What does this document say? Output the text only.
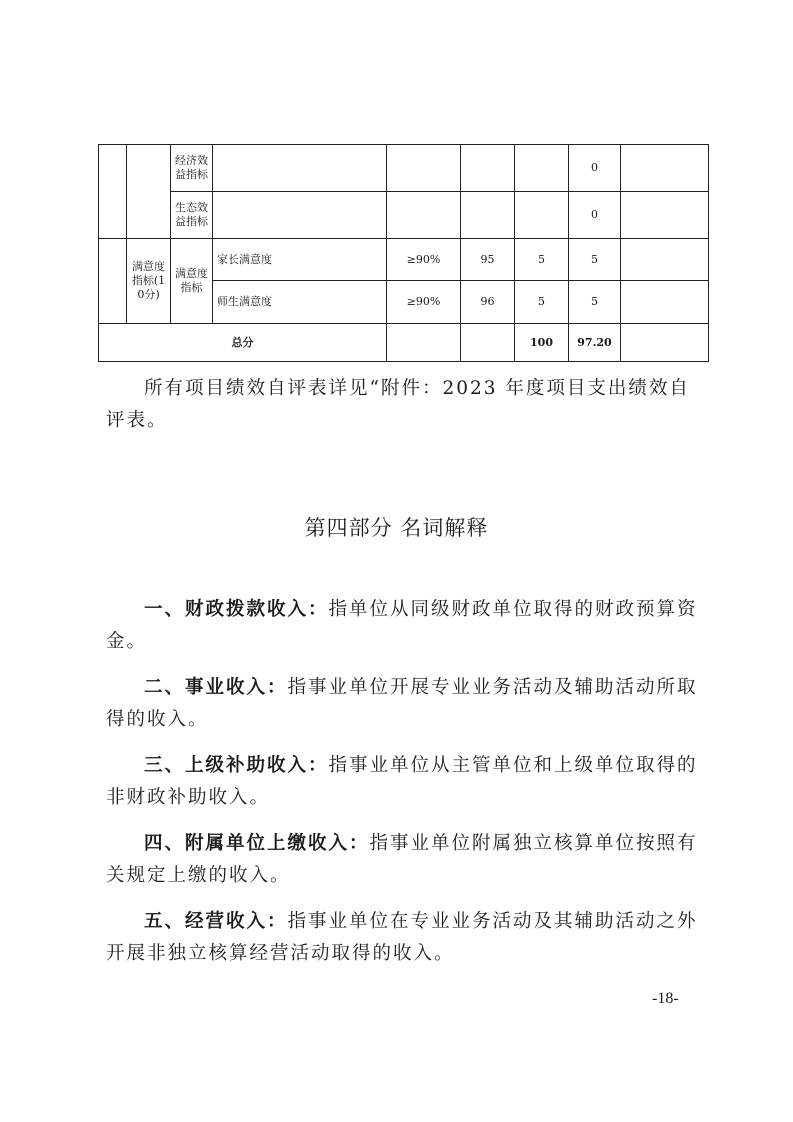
		经济效益指标					0	
		生态效益指标					0	
	满意度指标(10分)	满意度指标	家长满意度	≥90%	95	5	5	
			师生满意度	≥90%	96	5	5	
总分						100	97.20	

所有项目绩效自评表详见“附件：2023 年度项目支出绩效自评表。

第四部分 名词解释

一、财政拨款收入：指单位从同级财政单位取得的财政预算资金。

二、事业收入：指事业单位开展专业业务活动及辅助活动所取得的收入。

三、上级补助收入：指事业单位从主管单位和上级单位取得的非财政补助收入。

四、附属单位上缴收入：指事业单位附属独立核算单位按照有关规定上缴的收入。

五、经营收入：指事业单位在专业业务活动及其辅助活动之外开展非独立核算经营活动取得的收入。

-18-
